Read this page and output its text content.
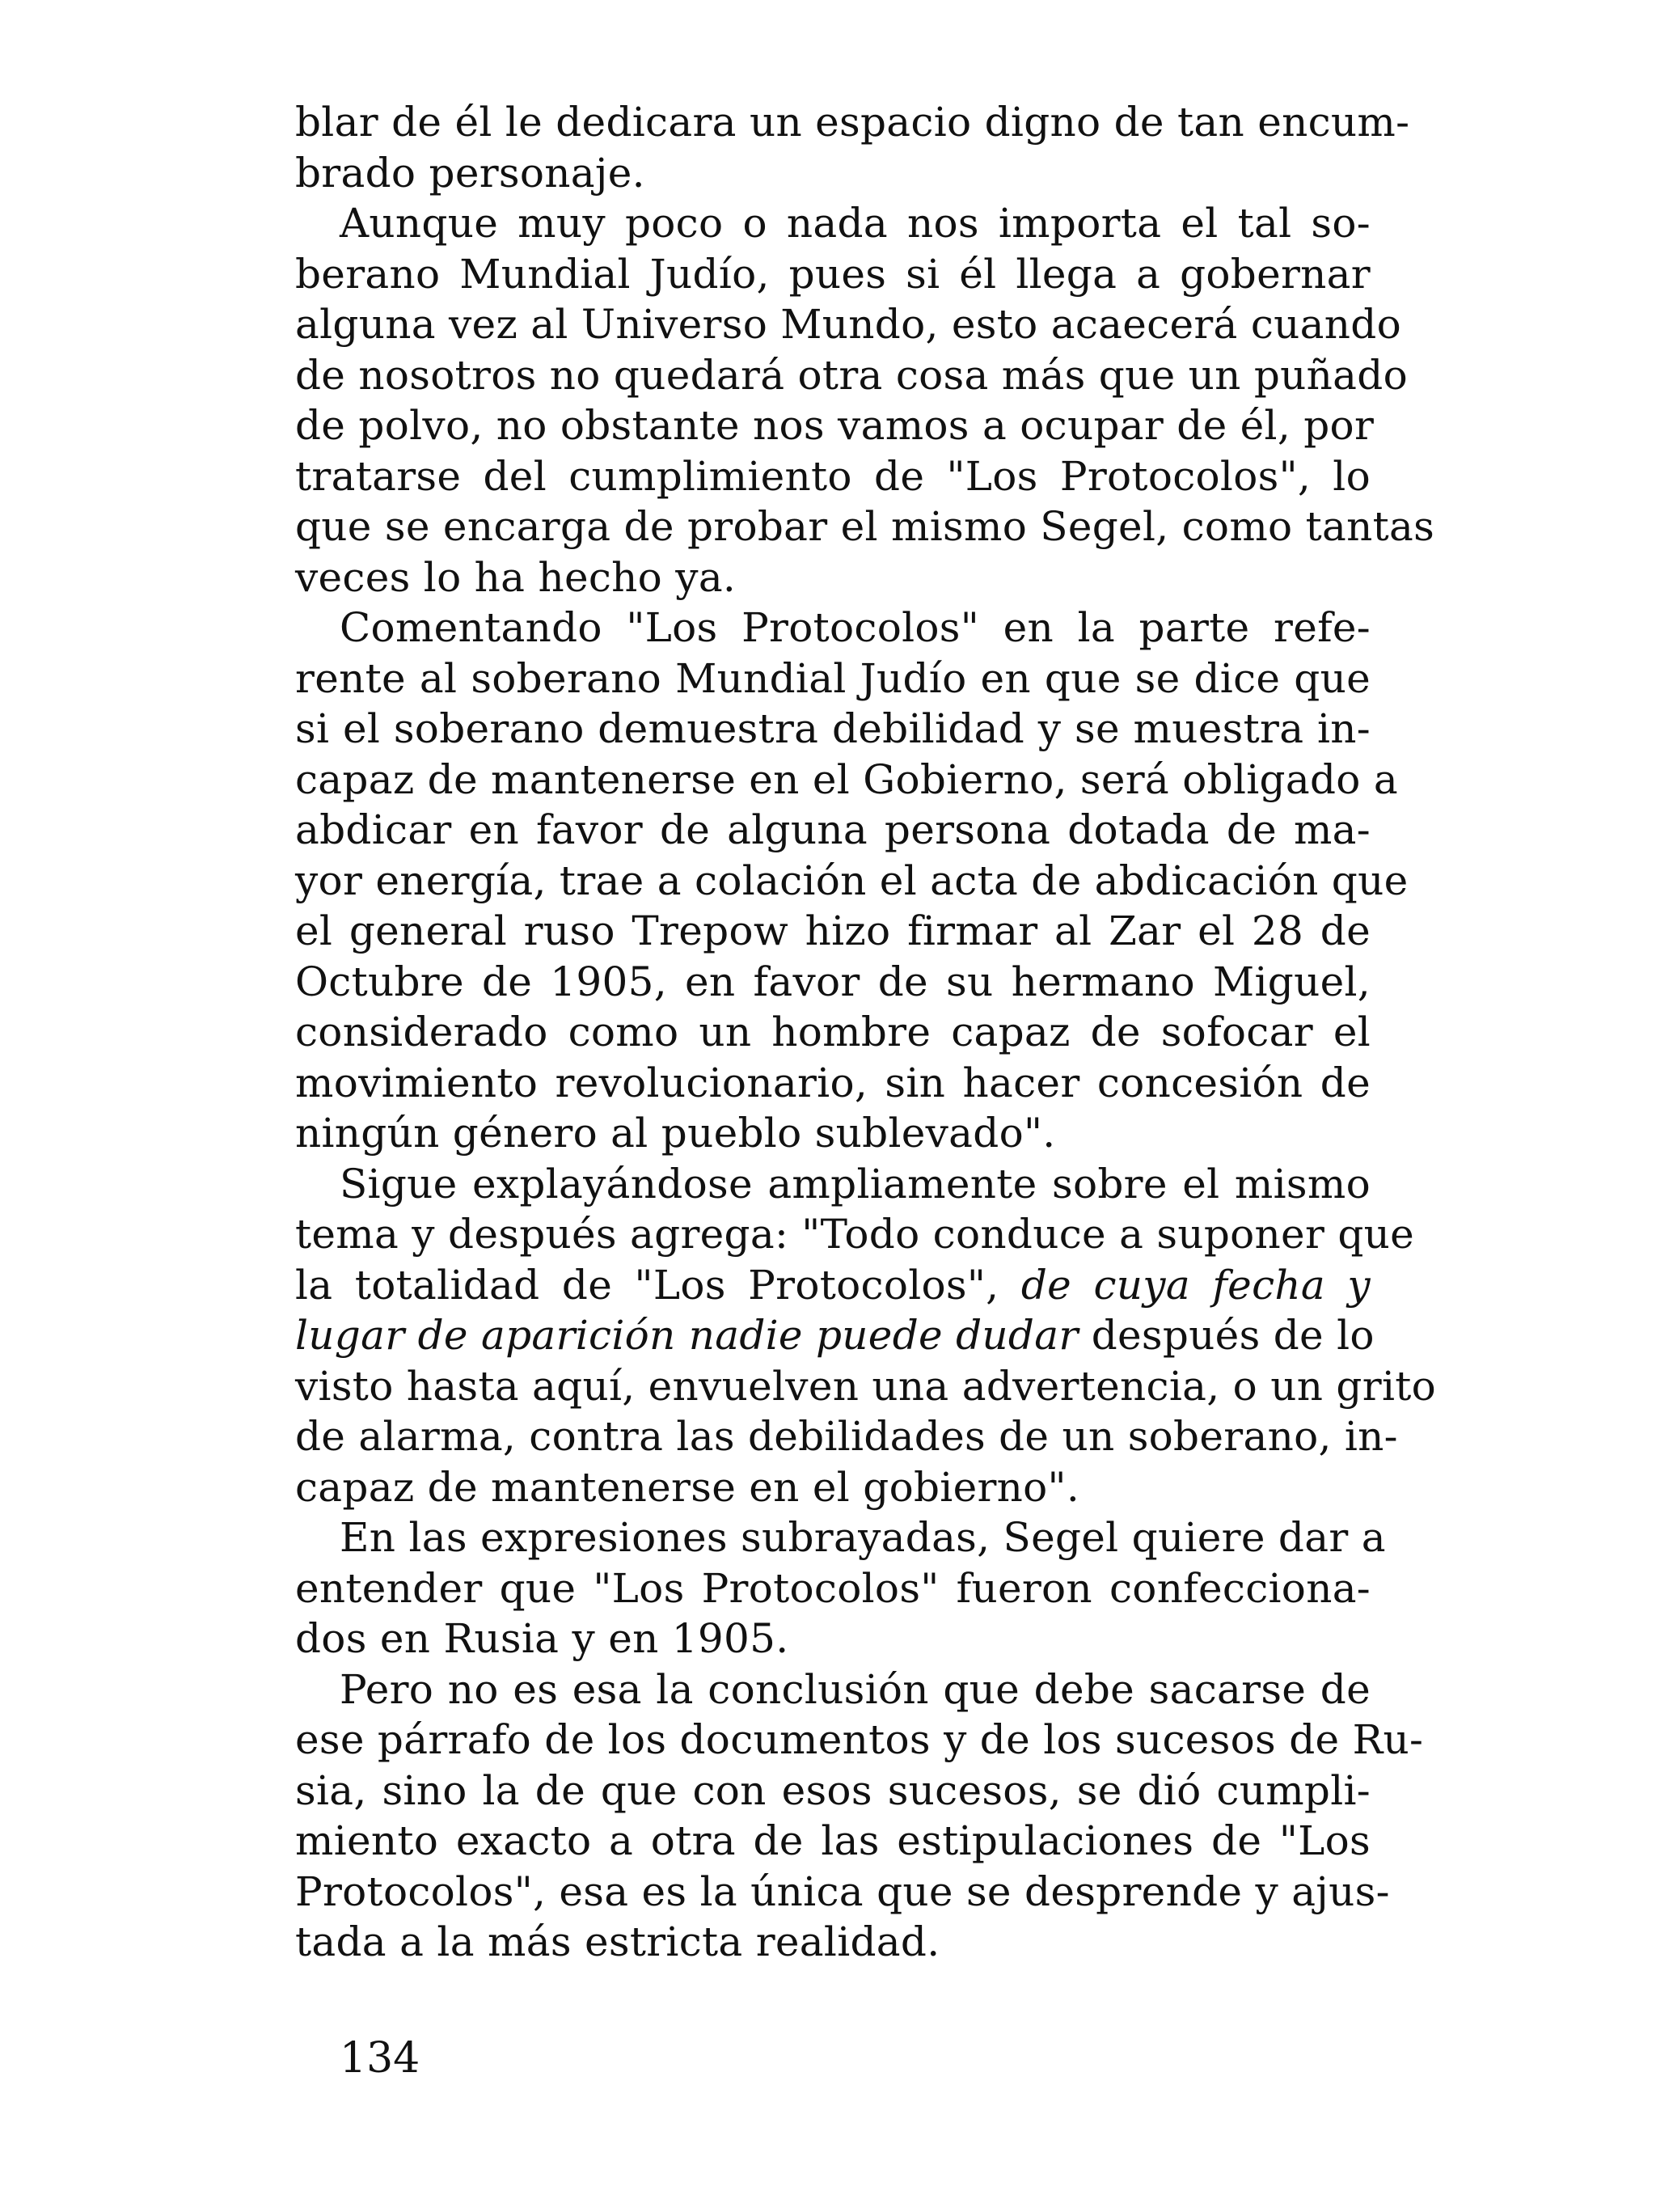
blar de él le dedicara un espacio digno de tan encum-
brado personaje.
Aunque muy poco o nada nos importa el tal so-
berano Mundial Judío, pues si él llega a gobernar
alguna vez al Universo Mundo, esto acaecerá cuando
de nosotros no quedará otra cosa más que un puñado
de polvo, no obstante nos vamos a ocupar de él, por
tratarse del cumplimiento de "Los Protocolos", lo
que se encarga de probar el mismo Segel, como tantas
veces lo ha hecho ya.
Comentando "Los Protocolos" en la parte refe-
rente al soberano Mundial Judío en que se dice que
si el soberano demuestra debilidad y se muestra in-
capaz de mantenerse en el Gobierno, será obligado a
abdicar en favor de alguna persona dotada de ma-
yor energía, trae a colación el acta de abdicación que
el general ruso Trepow hizo firmar al Zar el 28 de
Octubre de 1905, en favor de su hermano Miguel,
considerado como un hombre capaz de sofocar el
movimiento revolucionario, sin hacer concesión de
ningún género al pueblo sublevado".
Sigue explayándose ampliamente sobre el mismo
tema y después agrega: "Todo conduce a suponer que
la totalidad de "Los Protocolos", de cuya fecha y
lugar de aparición nadie puede dudar después de lo
visto hasta aquí, envuelven una advertencia, o un grito
de alarma, contra las debilidades de un soberano, in-
capaz de mantenerse en el gobierno".
En las expresiones subrayadas, Segel quiere dar a
entender que "Los Protocolos" fueron confecciona-
dos en Rusia y en 1905.
Pero no es esa la conclusión que debe sacarse de
ese párrafo de los documentos y de los sucesos de Ru-
sia, sino la de que con esos sucesos, se dió cumpli-
miento exacto a otra de las estipulaciones de "Los
Protocolos", esa es la única que se desprende y ajus-
tada a la más estricta realidad.
134
